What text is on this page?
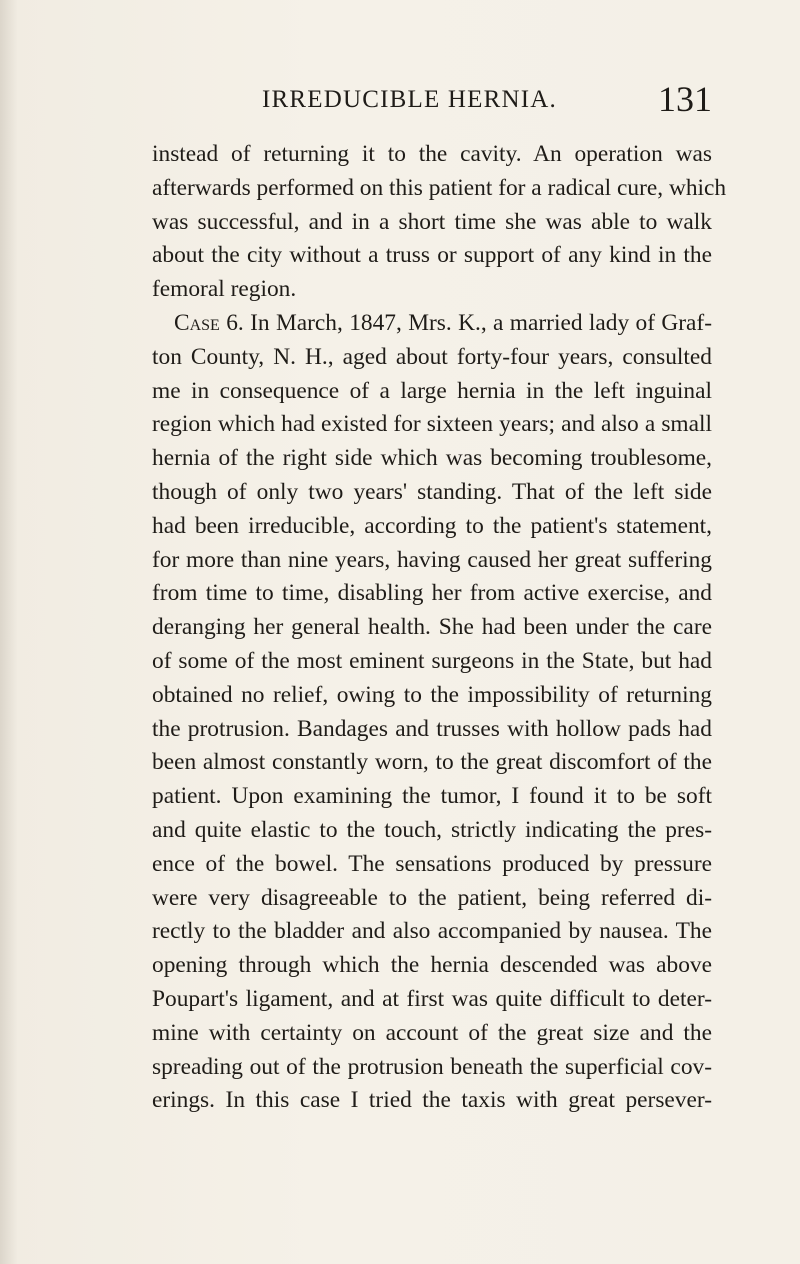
IRREDUCIBLE HERNIA.	131
instead of returning it to the cavity. An operation was
afterwards performed on this patient for a radical cure, which
was successful, and in a short time she was able to walk
about the city without a truss or support of any kind in the
femoral region.
Case 6. In March, 1847, Mrs. K., a married lady of Graf-
ton County, N. H., aged about forty-four years, consulted
me in consequence of a large hernia in the left inguinal
region which had existed for sixteen years; and also a small
hernia of the right side which was becoming troublesome,
though of only two years' standing. That of the left side
had been irreducible, according to the patient's statement,
for more than nine years, having caused her great suffering
from time to time, disabling her from active exercise, and
deranging her general health. She had been under the care
of some of the most eminent surgeons in the State, but had
obtained no relief, owing to the impossibility of returning
the protrusion. Bandages and trusses with hollow pads had
been almost constantly worn, to the great discomfort of the
patient. Upon examining the tumor, I found it to be soft
and quite elastic to the touch, strictly indicating the pres-
ence of the bowel. The sensations produced by pressure
were very disagreeable to the patient, being referred di-
rectly to the bladder and also accompanied by nausea. The
opening through which the hernia descended was above
Poupart's ligament, and at first was quite difficult to deter-
mine with certainty on account of the great size and the
spreading out of the protrusion beneath the superficial cov-
erings. In this case I tried the taxis with great persever-
